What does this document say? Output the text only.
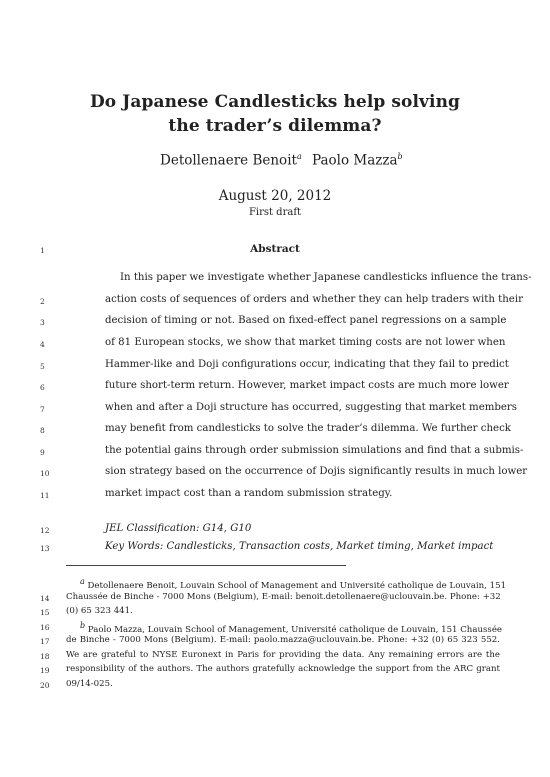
Do Japanese Candlesticks help solving
the trader’s dilemma?
Detollenaere Benoit$^a$ Paolo Mazza$^b$
August 20, 2012
First draft
1	Abstract
In this paper we investigate whether Japanese candlesticks influence the trans-
2	action costs of sequences of orders and whether they can help traders with their
3	decision of timing or not. Based on fixed-effect panel regressions on a sample
4	of 81 European stocks, we show that market timing costs are not lower when
5	Hammer-like and Doji configurations occur, indicating that they fail to predict
6	future short-term return. However, market impact costs are much more lower
7	when and after a Doji structure has occurred, suggesting that market members
8	may benefit from candlesticks to solve the trader’s dilemma. We further check
9	the potential gains through order submission simulations and find that a submis-
10	sion strategy based on the occurrence of Dojis significantly results in much lower
11	market impact cost than a random submission strategy.
12	JEL Classification: G14, G10
13	Key Words: Candlesticks, Transaction costs, Market timing, Market impact
$^a$ Detollenaere Benoit, Louvain School of Management and Université catholique de Louvain, 151
14	Chaussée de Binche - 7000 Mons (Belgium), E-mail: benoit.detollenaere@uclouvain.be. Phone: +32
15	(0) 65 323 441.
16	$^b$ Paolo Mazza, Louvain School of Management, Université catholique de Louvain, 151 Chaussée
17	de Binche - 7000 Mons (Belgium). E-mail: paolo.mazza@uclouvain.be. Phone: +32 (0) 65 323 552.
18	We are grateful to NYSE Euronext in Paris for providing the data. Any remaining errors are the
19	responsibility of the authors. The authors gratefully acknowledge the support from the ARC grant
20	09/14-025.
